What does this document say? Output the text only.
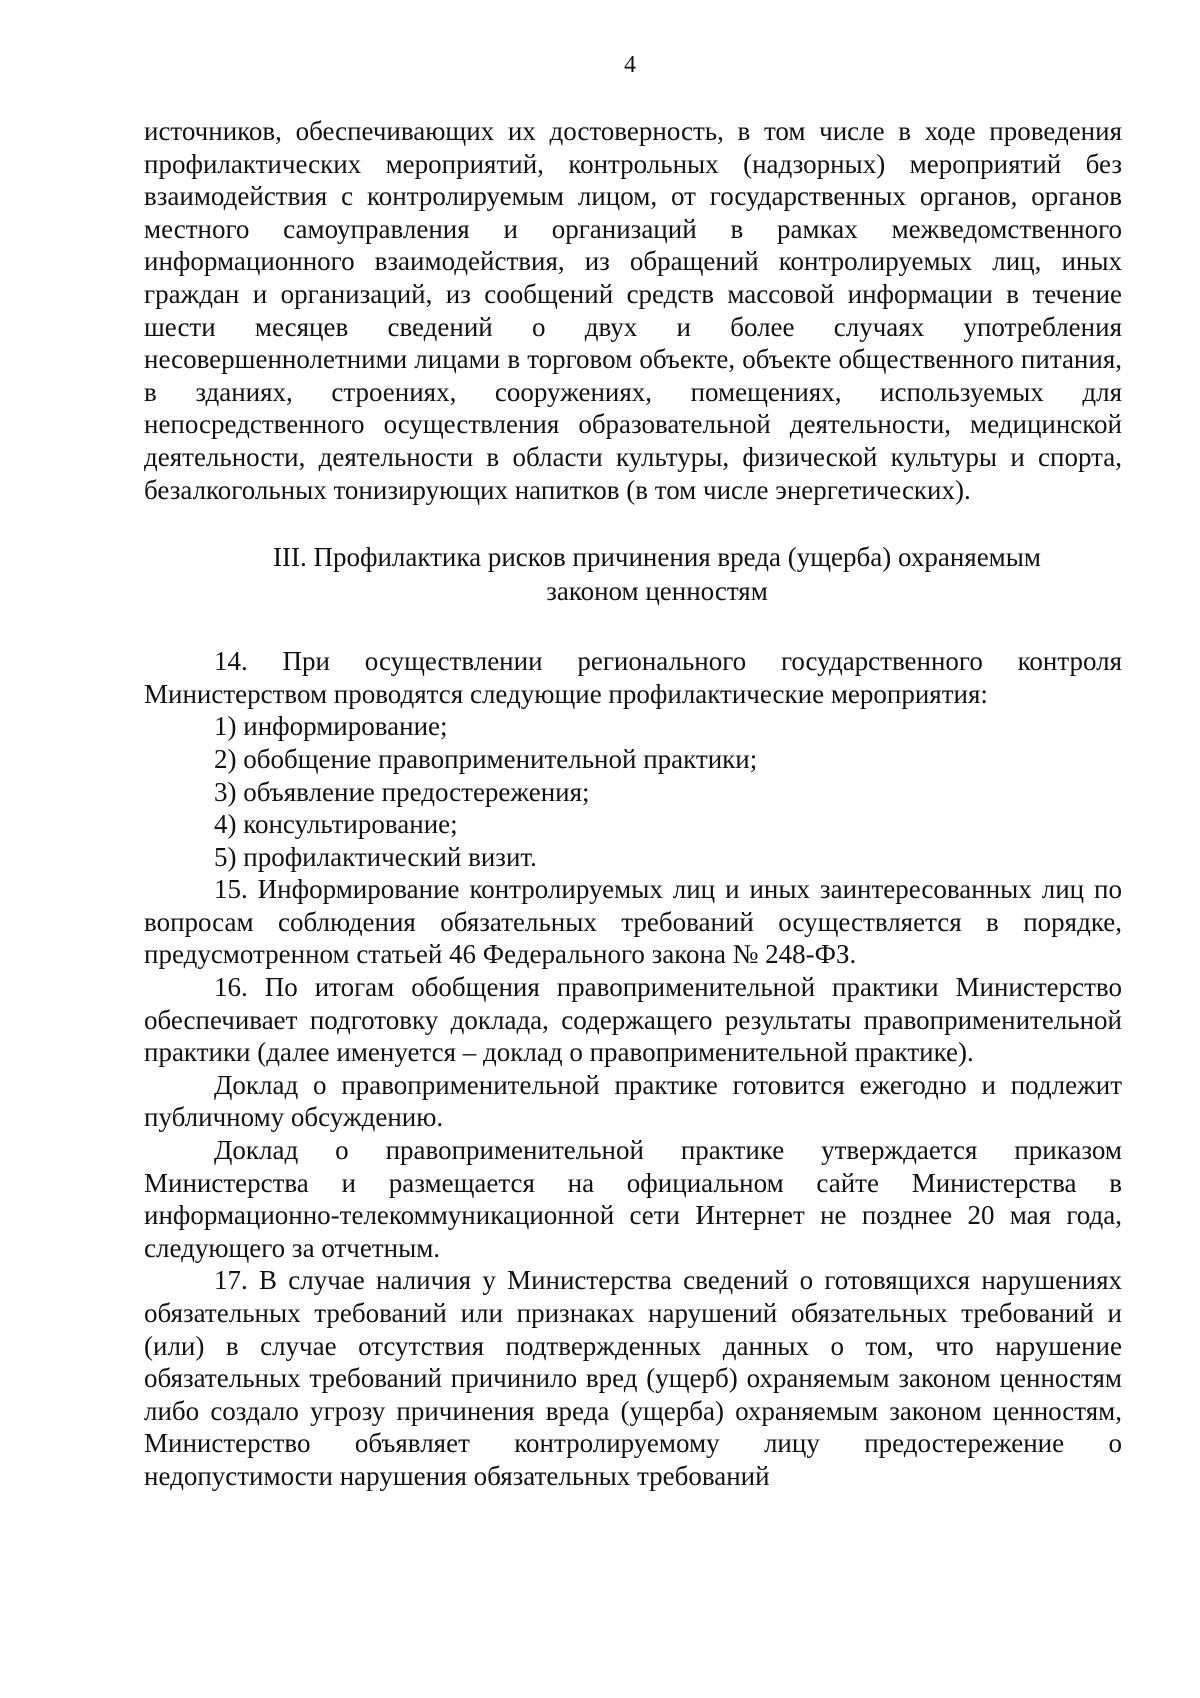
4

источников, обеспечивающих их достоверность, в том числе в ходе проведения профилактических мероприятий, контрольных (надзорных) мероприятий без взаимодействия с контролируемым лицом, от государственных органов, органов местного самоуправления и организаций в рамках межведомственного информационного взаимодействия, из обращений контролируемых лиц, иных граждан и организаций, из сообщений средств массовой информации в течение шести месяцев сведений о двух и более случаях употребления несовершеннолетними лицами в торговом объекте, объекте общественного питания, в зданиях, строениях, сооружениях, помещениях, используемых для непосредственного осуществления образовательной деятельности, медицинской деятельности, деятельности в области культуры, физической культуры и спорта, безалкогольных тонизирующих напитков (в том числе энергетических).

III. Профилактика рисков причинения вреда (ущерба) охраняемым
законом ценностям

14. При осуществлении регионального государственного контроля Министерством проводятся следующие профилактические мероприятия:

1) информирование;

2) обобщение правоприменительной практики;

3) объявление предостережения;

4) консультирование;

5) профилактический визит.

15. Информирование контролируемых лиц и иных заинтересованных лиц по вопросам соблюдения обязательных требований осуществляется в порядке, предусмотренном статьей 46 Федерального закона № 248-ФЗ.

16. По итогам обобщения правоприменительной практики Министерство обеспечивает подготовку доклада, содержащего результаты правоприменительной практики (далее именуется – доклад о правоприменительной практике).

Доклад о правоприменительной практике готовится ежегодно и подлежит публичному обсуждению.

Доклад о правоприменительной практике утверждается приказом Министерства и размещается на официальном сайте Министерства в информационно-телекоммуникационной сети Интернет не позднее 20 мая года, следующего за отчетным.

17. В случае наличия у Министерства сведений о готовящихся нарушениях обязательных требований или признаках нарушений обязательных требований и (или) в случае отсутствия подтвержденных данных о том, что нарушение обязательных требований причинило вред (ущерб) охраняемым законом ценностям либо создало угрозу причинения вреда (ущерба) охраняемым законом ценностям, Министерство объявляет контролируемому лицу предостережение о недопустимости нарушения обязательных требований
